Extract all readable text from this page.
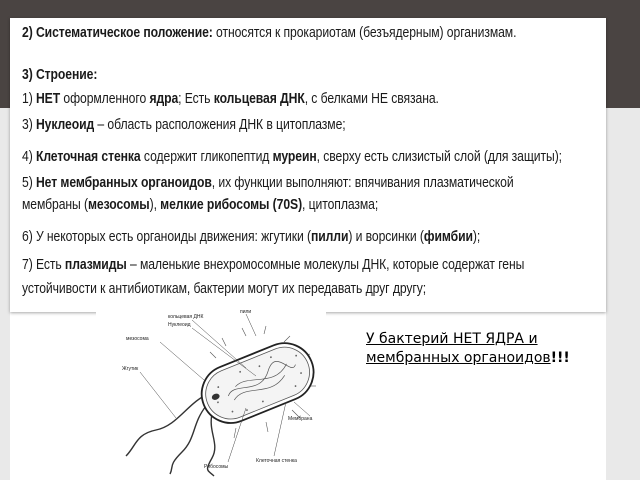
2) Систематическое положение: относятся к прокариотам (безъядерным) организмам.
3) Строение:
1) НЕТ оформленного ядра; Есть кольцевая ДНК, с белками НЕ связана.
3) Нуклеоид – область расположения ДНК в цитоплазме;
4) Клеточная стенка содержит гликопептид муреин, сверху есть слизистый слой (для защиты);
5) Нет мембранных органоидов, их функции выполняют: впячивания плазматической
мембраны (мезосомы), мелкие рибосомы (70S), цитоплазма;
6) У некоторых есть органоиды движения: жгутики (пилли) и ворсинки (фимбии);
7) Есть плазмиды – маленькие внехромосомные молекулы ДНК, которые содержат гены
устойчивости к антибиотикам, бактерии могут их передавать друг другу;
кольцевая ДНК
Нуклеоид
пили
мезосома
Жгутик
Мембрана
Рибосомы
Клеточная стенка
У бактерий НЕТ ЯДРА и мембранных органоидов!!!
